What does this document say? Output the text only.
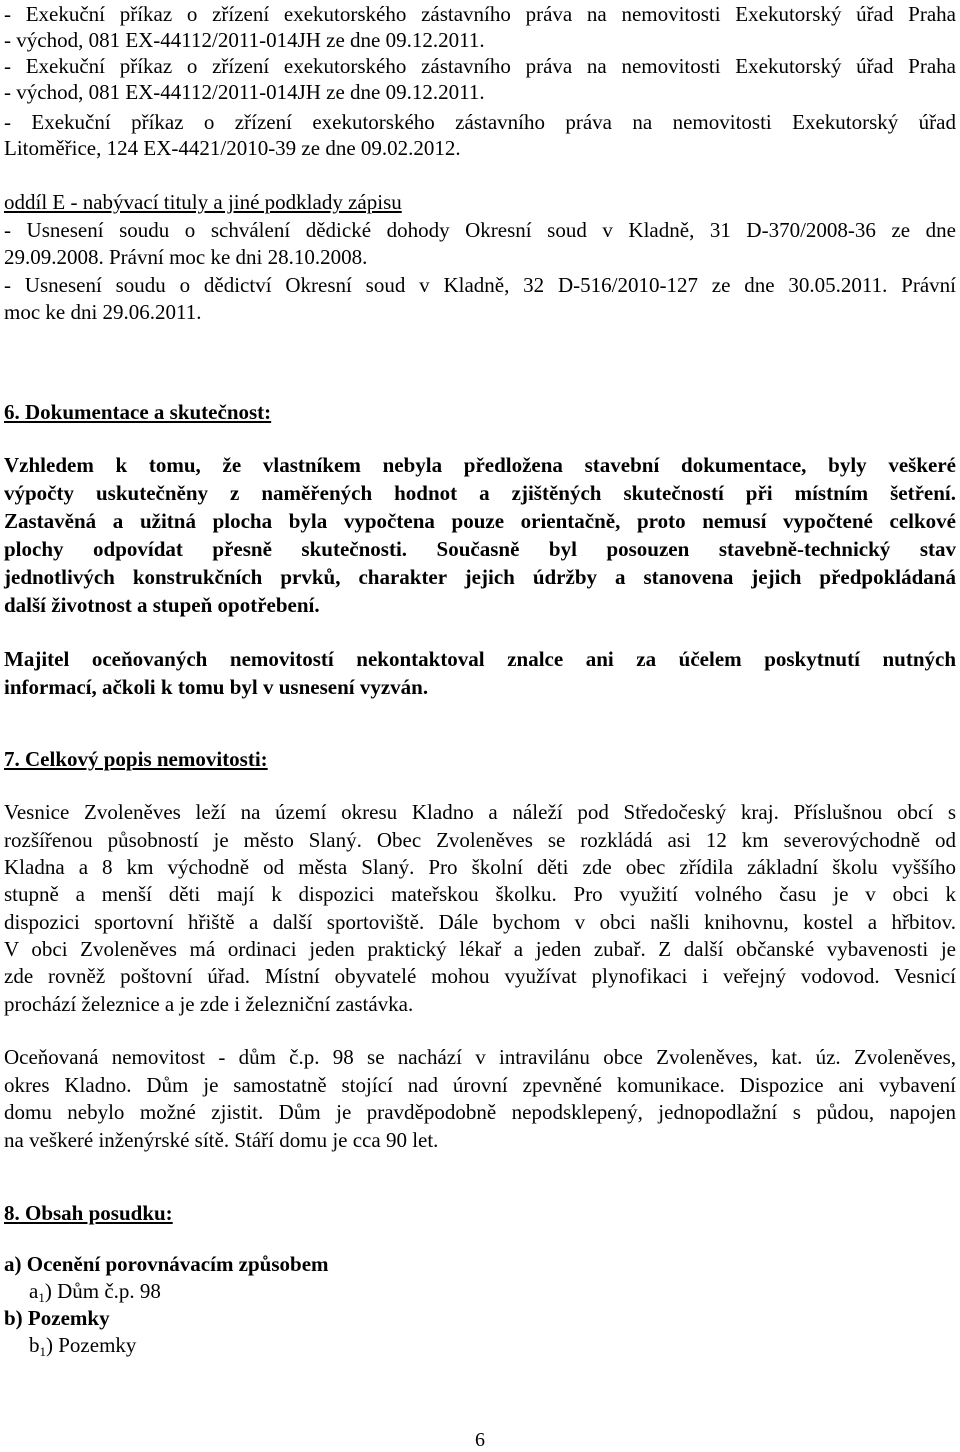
- Exekuční příkaz o zřízení exekutorského zástavního práva na nemovitosti Exekutorský úřad Praha
- východ, 081 EX-44112/2011-014JH ze dne 09.12.2011.
- Exekuční příkaz o zřízení exekutorského zástavního práva na nemovitosti Exekutorský úřad Praha
- východ, 081 EX-44112/2011-014JH ze dne 09.12.2011.
- Exekuční příkaz o zřízení exekutorského zástavního práva na nemovitosti Exekutorský úřad
Litoměřice, 124 EX-4421/2010-39 ze dne 09.02.2012.
oddíl E - nabývací tituly a jiné podklady zápisu
- Usnesení soudu o schválení dědické dohody Okresní soud v Kladně, 31 D-370/2008-36 ze dne
29.09.2008. Právní moc ke dni 28.10.2008.
- Usnesení soudu o dědictví Okresní soud v Kladně, 32 D-516/2010-127 ze dne 30.05.2011. Právní
moc ke dni 29.06.2011.
6. Dokumentace a skutečnost:
Vzhledem k tomu, že vlastníkem nebyla předložena stavební dokumentace, byly veškeré
výpočty uskutečněny z naměřených hodnot a zjištěných skutečností při místním šetření.
Zastavěná a užitná plocha byla vypočtena pouze orientačně, proto nemusí vypočtené celkové
plochy odpovídat přesně skutečnosti. Současně byl posouzen stavebně-technický stav
jednotlivých konstrukčních prvků, charakter jejich údržby a stanovena jejich předpokládaná
další životnost a stupeň opotřebení.
Majitel oceňovaných nemovitostí nekontaktoval znalce ani za účelem poskytnutí nutných
informací, ačkoli k tomu byl v usnesení vyzván.
7. Celkový popis nemovitosti:
Vesnice Zvoleněves leží na území okresu Kladno a náleží pod Středočeský kraj. Příslušnou obcí s
rozšířenou působností je město Slaný. Obec Zvoleněves se rozkládá asi 12 km severovýchodně od
Kladna a 8 km východně od města Slaný. Pro školní děti zde obec zřídila základní školu vyššího
stupně a menší děti mají k dispozici mateřskou školku. Pro využití volného času je v obci k
dispozici sportovní hřiště a další sportoviště. Dále bychom v obci našli knihovnu, kostel a hřbitov.
V obci Zvoleněves má ordinaci jeden praktický lékař a jeden zubař. Z další občanské vybavenosti je
zde rovněž poštovní úřad. Místní obyvatelé mohou využívat plynofikaci i veřejný vodovod. Vesnicí
prochází železnice a je zde i železniční zastávka.
Oceňovaná nemovitost - dům č.p. 98 se nachází v intravilánu obce Zvoleněves, kat. úz. Zvoleněves,
okres Kladno. Dům je samostatně stojící nad úrovní zpevněné komunikace. Dispozice ani vybavení
domu nebylo možné zjistit. Dům je pravděpodobně nepodsklepený, jednopodlažní s půdou, napojen
na veškeré inženýrské sítě. Stáří domu je cca 90 let.
8. Obsah posudku:
a) Ocenění porovnávacím způsobem
$a_1$) Dům č.p. 98
b) Pozemky
$b_1$) Pozemky
6
